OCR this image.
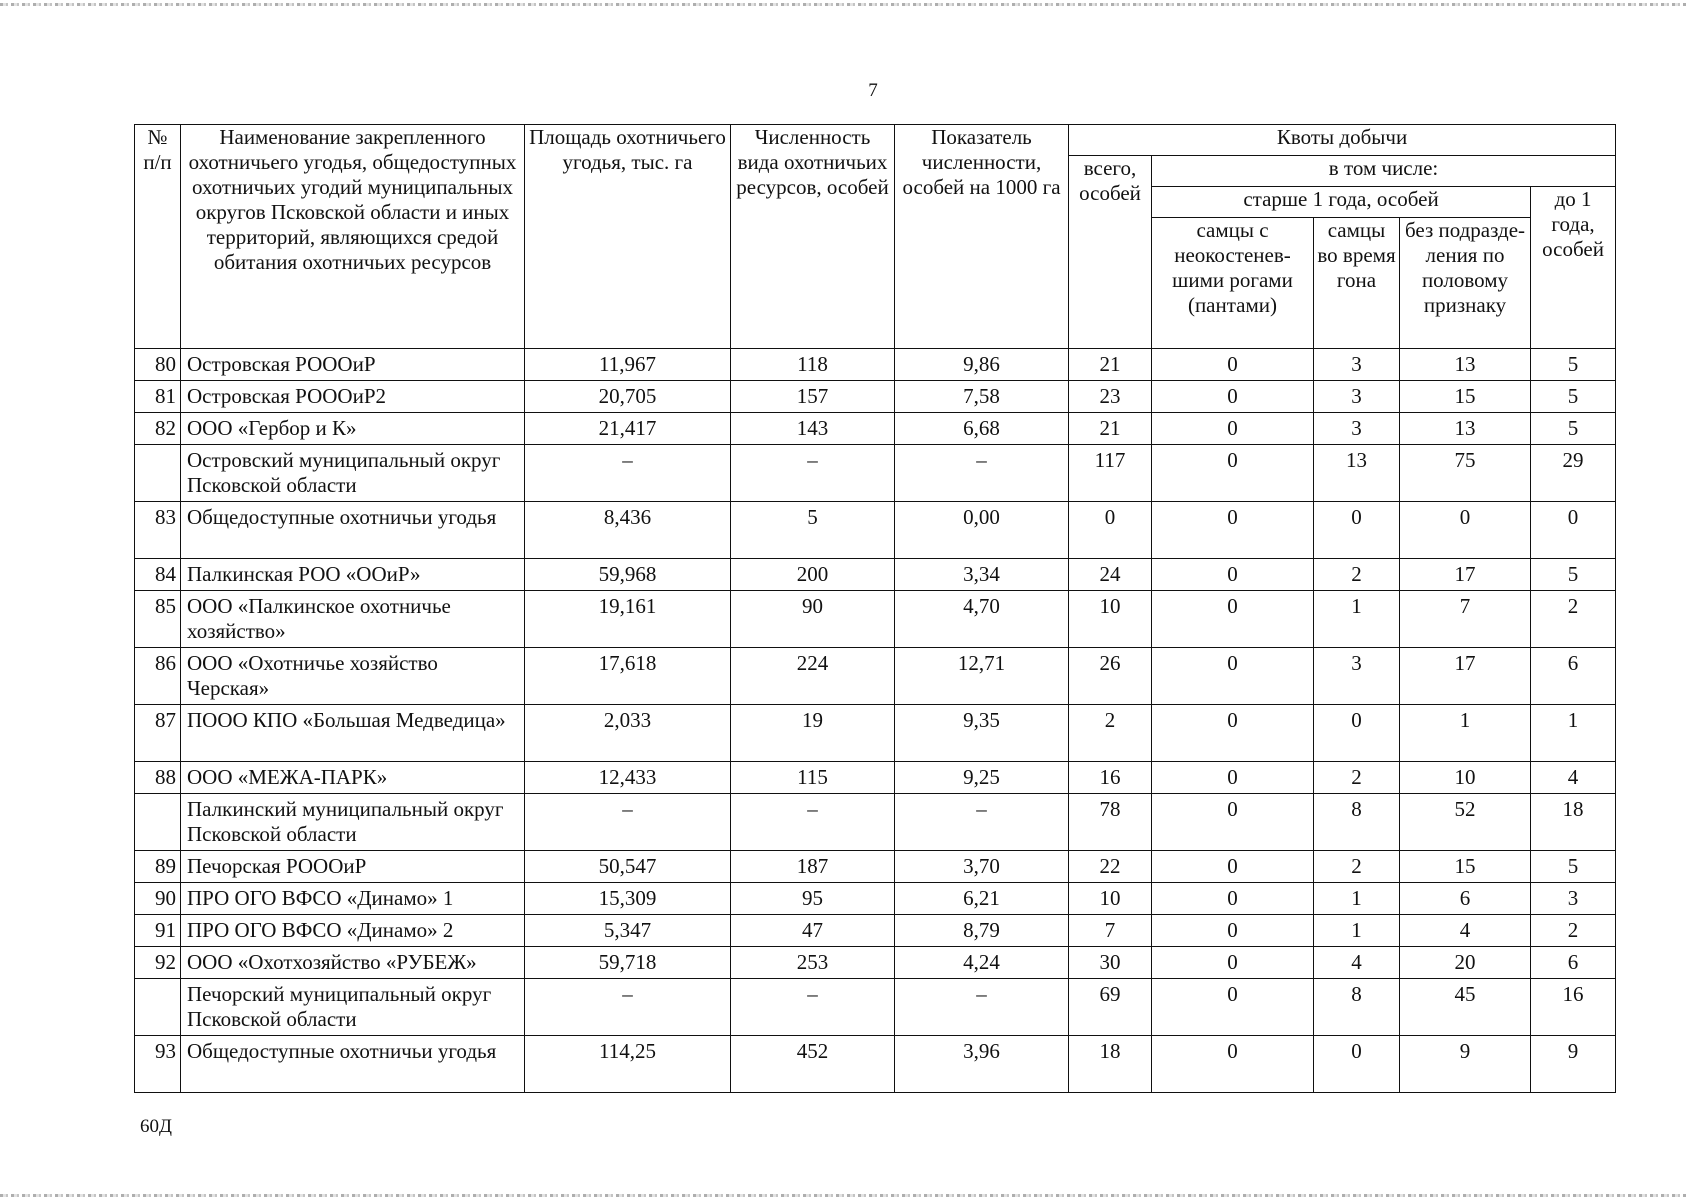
7
№ п/п	Наименование закрепленного охотничьего угодья, общедоступных охотничьих угодий муниципальных округов Псковской области и иных территорий, являющихся средой обитания охотничьих ресурсов	Площадь охотничьего угодья, тыс. га	Численность вида охотничьих ресурсов, особей	Показатель численности, особей на 1000 га	Квоты добычи				
					всего, особей	в том числе:			
						старше 1 года, особей			до 1 года, особей
						самцы с неокостенев-шими рогами (пантами)	самцы во время гона	без подразде-ления по половому признаку	
80	Островская РОООиР	11,967	118	9,86	21	0	3	13	5
81	Островская РОООиР2	20,705	157	7,58	23	0	3	15	5
82	ООО «Гербор и К»	21,417	143	6,68	21	0	3	13	5
	Островский муниципальный округ Псковской области	–	–	–	117	0	13	75	29
83	Общедоступные охотничьи угодья	8,436	5	0,00	0	0	0	0	0
84	Палкинская РОО «ООиР»	59,968	200	3,34	24	0	2	17	5
85	ООО «Палкинское охотничье хозяйство»	19,161	90	4,70	10	0	1	7	2
86	ООО «Охотничье хозяйство Черская»	17,618	224	12,71	26	0	3	17	6
87	ПООО КПО «Большая Медведица»	2,033	19	9,35	2	0	0	1	1
88	ООО «МЕЖА-ПАРК»	12,433	115	9,25	16	0	2	10	4
	Палкинский муниципальный округ Псковской области	–	–	–	78	0	8	52	18
89	Печорская РОООиР	50,547	187	3,70	22	0	2	15	5
90	ПРО ОГО ВФСО «Динамо» 1	15,309	95	6,21	10	0	1	6	3
91	ПРО ОГО ВФСО «Динамо» 2	5,347	47	8,79	7	0	1	4	2
92	ООО «Охотхозяйство «РУБЕЖ»	59,718	253	4,24	30	0	4	20	6
	Печорский муниципальный округ Псковской области	–	–	–	69	0	8	45	16
93	Общедоступные охотничьи угодья	114,25	452	3,96	18	0	0	9	9
60Д
